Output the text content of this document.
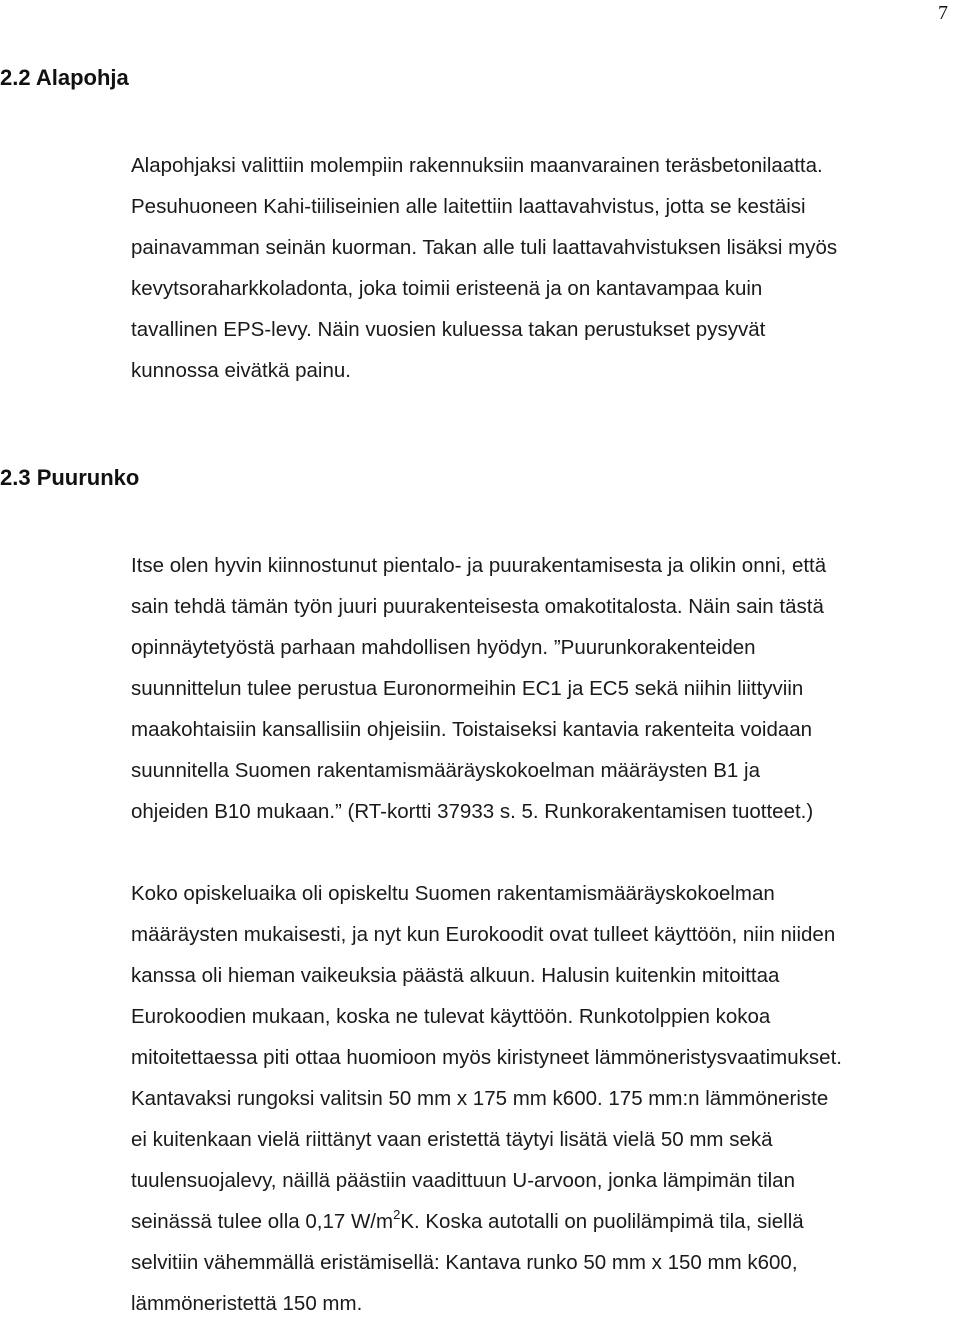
7
2.2 Alapohja

Alapohjaksi valittiin molempiin rakennuksiin maanvarainen teräsbetonilaatta.
Pesuhuoneen Kahi-tiiliseinien alle laitettiin laattavahvistus, jotta se kestäisi
painavamman seinän kuorman. Takan alle tuli laattavahvistuksen lisäksi myös
kevytsoraharkkoladonta, joka toimii eristeenä ja on kantavampaa kuin
tavallinen EPS-levy. Näin vuosien kuluessa takan perustukset pysyvät
kunnossa eivätkä painu.

2.3 Puurunko

Itse olen hyvin kiinnostunut pientalo- ja puurakentamisesta ja olikin onni, että
sain tehdä tämän työn juuri puurakenteisesta omakotitalosta. Näin sain tästä
opinnäytetyöstä parhaan mahdollisen hyödyn. ”Puurunkorakenteiden
suunnittelun tulee perustua Euronormeihin EC1 ja EC5 sekä niihin liittyviin
maakohtaisiin kansallisiin ohjeisiin. Toistaiseksi kantavia rakenteita voidaan
suunnitella Suomen rakentamismääräyskokoelman määräysten B1 ja
ohjeiden B10 mukaan.” (RT-kortti 37933 s. 5. Runkorakentamisen tuotteet.)

Koko opiskeluaika oli opiskeltu Suomen rakentamismääräyskokoelman
määräysten mukaisesti, ja nyt kun Eurokoodit ovat tulleet käyttöön, niin niiden
kanssa oli hieman vaikeuksia päästä alkuun. Halusin kuitenkin mitoittaa
Eurokoodien mukaan, koska ne tulevat käyttöön. Runkotolppien kokoa
mitoitettaessa piti ottaa huomioon myös kiristyneet lämmöneristysvaatimukset.
Kantavaksi rungoksi valitsin 50 mm x 175 mm k600. 175 mm:n lämmöneriste
ei kuitenkaan vielä riittänyt vaan eristettä täytyi lisätä vielä 50 mm sekä
tuulensuojalevy, näillä päästiin vaadittuun U-arvoon, jonka lämpimän tilan
seinässä tulee olla 0,17 $W/m^2K$. Koska autotalli on puolilämpimä tila, siellä
selvitiin vähemmällä eristämisellä: Kantava runko 50 mm x 150 mm k600,
lämmöneristettä 150 mm.
